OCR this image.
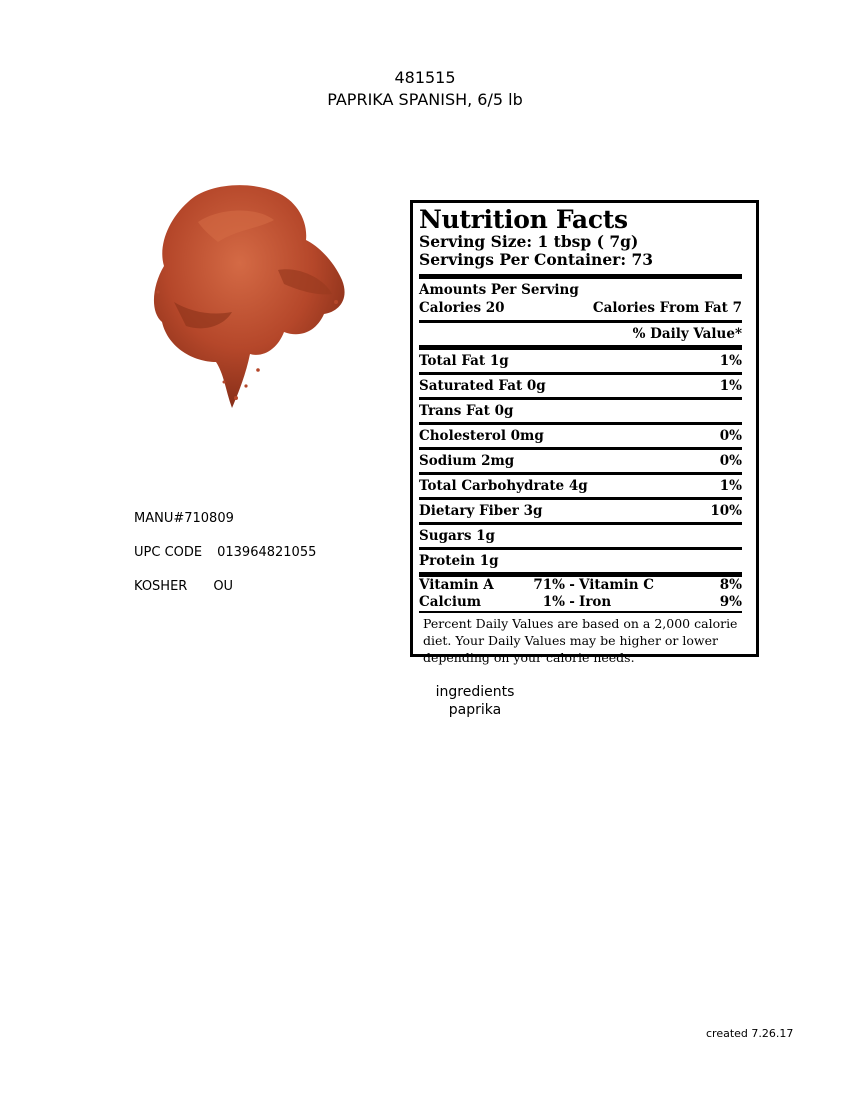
481515
PAPRIKA SPANISH, 6/5 lb
MANU#710809
UPC CODE 013964821055
KOSHER OU
Nutrition Facts
Serving Size: 1 tbsp ( 7g)
Servings Per Container: 73
Amounts Per Serving
Calories 20	Calories From Fat 7
% Daily Value*
Total Fat 1g	1%
Saturated Fat 0g	1%
Trans Fat 0g
Cholesterol 0mg	0%
Sodium 2mg	0%
Total Carbohydrate 4g	1%
Dietary Fiber 3g	10%
Sugars 1g
Protein 1g
Vitamin A	71% - Vitamin C	8%
Calcium	1% - Iron	9%
Percent Daily Values are based on a 2,000 calorie diet. Your Daily Values may be higher or lower depending on your calorie needs.
ingredients
paprika
created 7.26.17
